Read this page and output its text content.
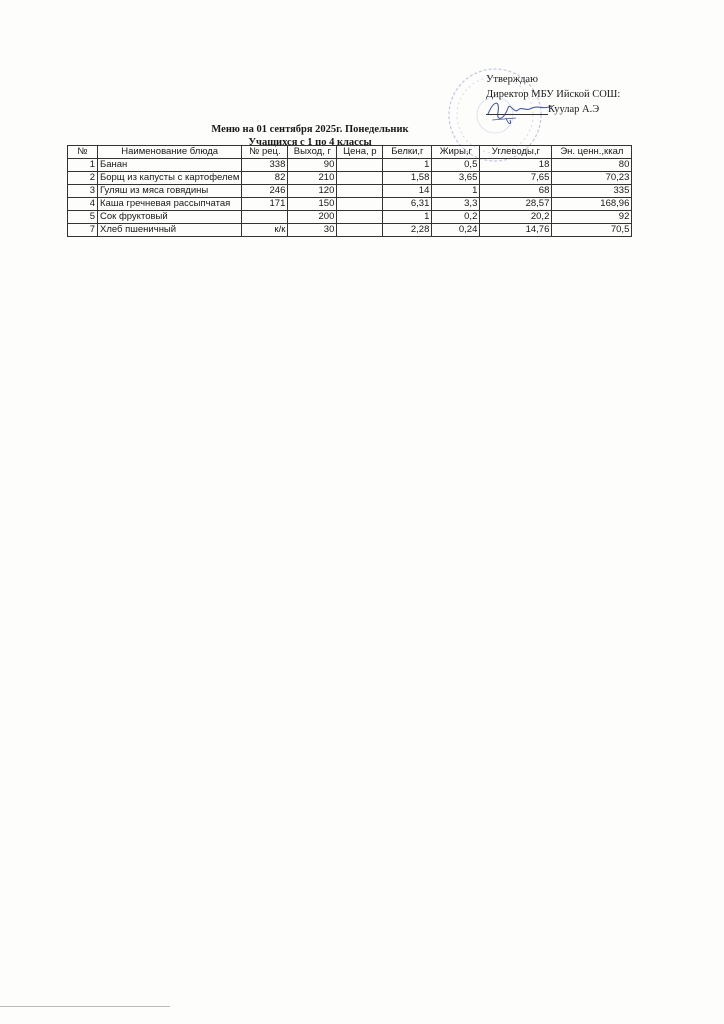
Утверждаю
Директор МБУ Ийской СОШ:
Куулар А.Э
Меню на 01 сентября 2025г. Понедельник
Учащихся с 1 по 4 классы
№	Наименование блюда	№ рец.	Выход, г	Цена, р	Белки,г	Жиры,г	Углеводы,г	Эн. ценн.,ккал
1	Банан	338	90		1	0,5	18	80
2	Борщ из капусты с картофелем	82	210		1,58	3,65	7,65	70,23
3	Гуляш из мяса говядины	246	120		14	1	68	335
4	Каша гречневая рассыпчатая	171	150		6,31	3,3	28,57	168,96
5	Сок фруктовый		200		1	0,2	20,2	92
7	Хлеб пшеничный	к/к	30		2,28	0,24	14,76	70,5
